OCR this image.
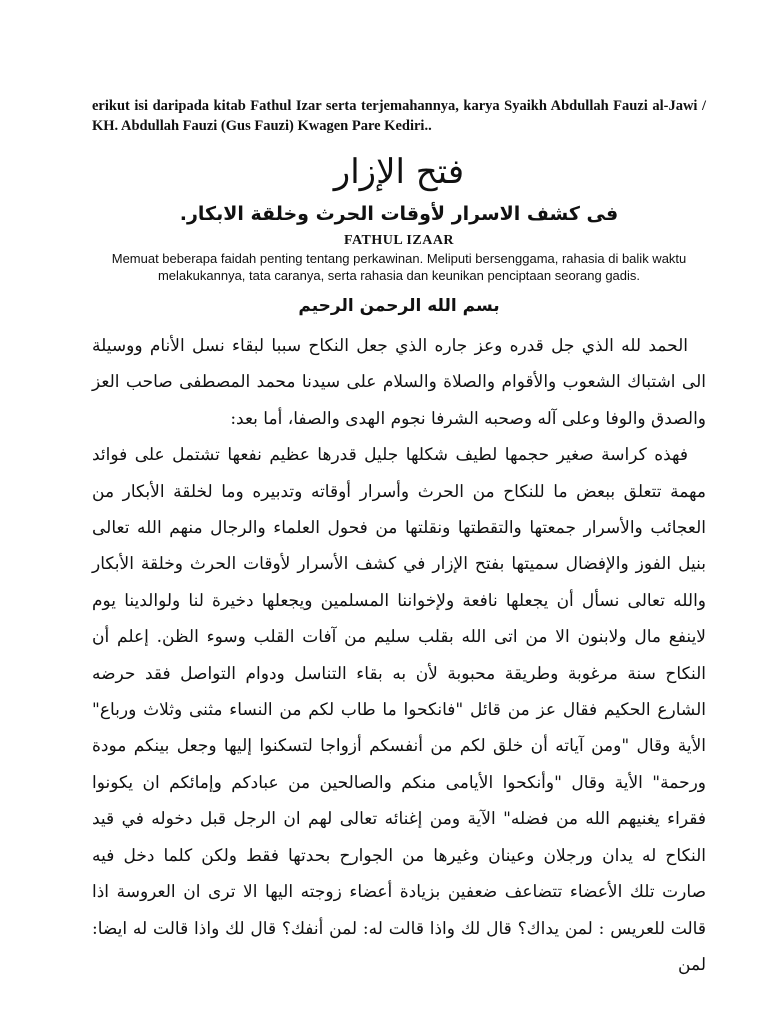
erikut isi daripada kitab Fathul Izar serta terjemahannya, karya Syaikh Abdullah Fauzi al-Jawi / KH. Abdullah Fauzi (Gus Fauzi) Kwagen Pare Kediri..
فتح الإزار
فى كشف الاسرار لأوقات الحرث وخلقة الابكار.
FATHUL IZAAR
Memuat beberapa faidah penting tentang perkawinan. Meliputi bersenggama, rahasia di balik waktu melakukannya, tata caranya, serta rahasia dan keunikan penciptaan seorang gadis.
بسم الله الرحمن الرحيم

الحمد لله الذي جل قدره وعز جاره الذي جعل النكاح سببا لبقاء نسل الأنام ووسيلة الى اشتباك الشعوب والأقوام والصلاة والسلام على سيدنا محمد المصطفى صاحب العز والصدق والوفا وعلى آله وصحبه الشرفا نجوم الهدى والصفا، أما بعد:

فهذه كراسة صغير حجمها لطيف شكلها جليل قدرها عظيم نفعها تشتمل على فوائد مهمة تتعلق ببعض ما للنكاح من الحرث وأسرار أوقاته وتدبيره وما لخلقة الأبكار من العجائب والأسرار جمعتها والتقطتها ونقلتها من فحول العلماء والرجال منهم الله تعالى بنيل الفوز والإفضال سميتها بفتح الإزار في كشف الأسرار لأوقات الحرث وخلقة الأبكار والله تعالى نسأل أن يجعلها نافعة ولإخواننا المسلمين ويجعلها دخيرة لنا ولوالدينا يوم لاينفع مال ولابنون الا من اتى الله بقلب سليم من آفات القلب وسوء الظن. إعلم أن النكاح سنة مرغوبة وطريقة محبوبة لأن به بقاء التناسل ودوام التواصل فقد حرضه الشارع الحكيم فقال عز من قائل "فانكحوا ما طاب لكم من النساء مثنى وثلاث ورباع" الأية وقال "ومن آياته أن خلق لكم من أنفسكم أزواجا لتسكنوا إليها وجعل بينكم مودة ورحمة" الأية وقال "وأنكحوا الأيامى منكم والصالحين من عبادكم وإمائكم ان يكونوا فقراء يغنيهم الله من فضله" الآية ومن إغنائه تعالى لهم ان الرجل قبل دخوله في قيد النكاح له يدان ورجلان وعينان وغيرها من الجوارح بحدتها فقط ولكن كلما دخل فيه صارت تلك الأعضاء تتضاعف ضعفين بزيادة أعضاء زوجته اليها الا ترى ان العروسة اذا قالت للعريس : لمن يداك؟ قال لك واذا قالت له: لمن أنفك؟ قال لك واذا قالت له ايضا: لمن
